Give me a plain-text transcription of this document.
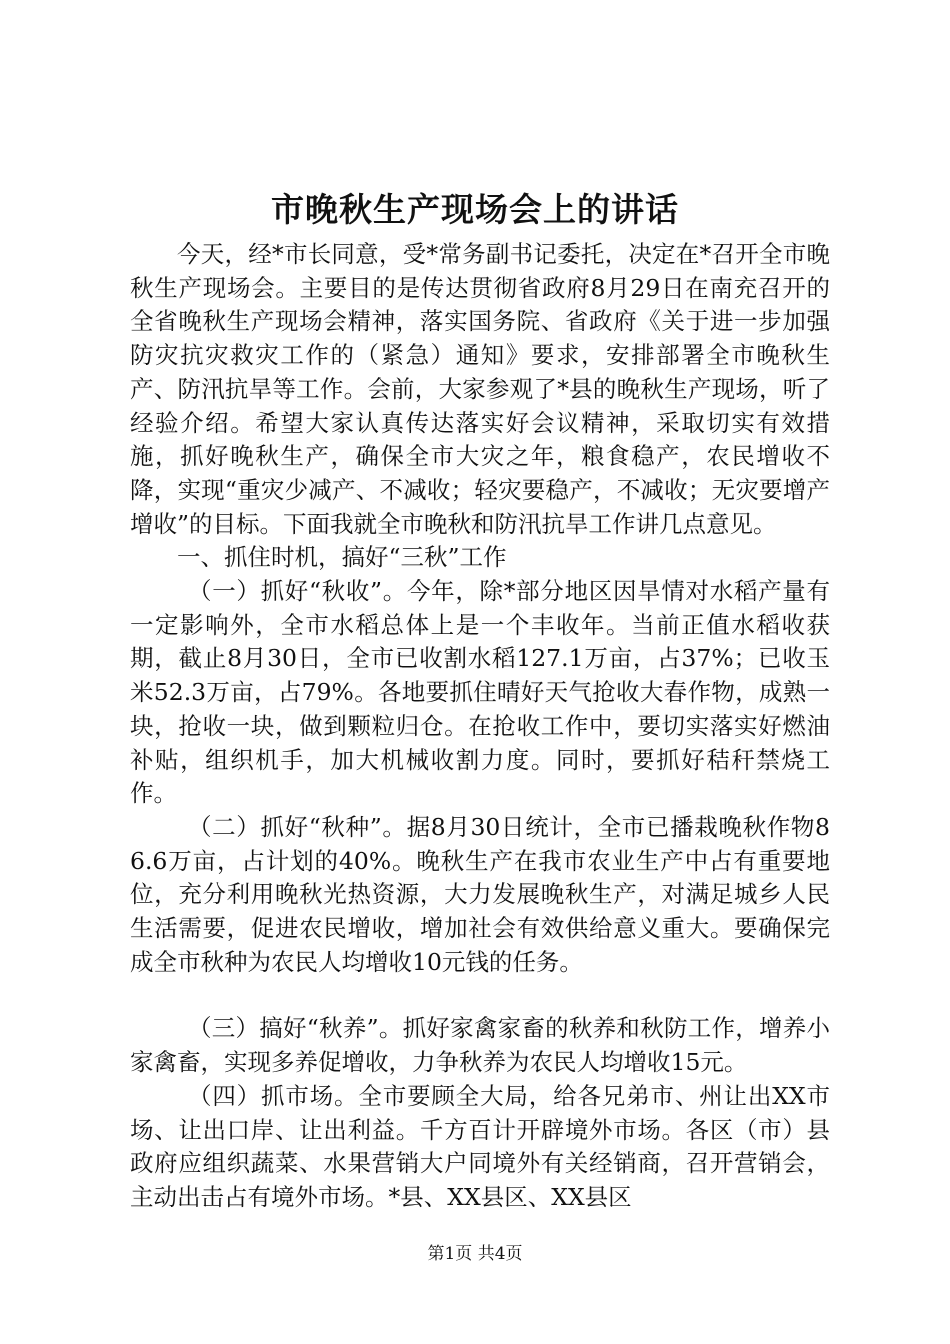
市晚秋生产现场会上的讲话

今天，经*市长同意，受*常务副书记委托，决定在*召开全市晚秋生产现场会。主要目的是传达贯彻省政府8月29日在南充召开的全省晚秋生产现场会精神，落实国务院、省政府《关于进一步加强防灾抗灾救灾工作的（紧急）通知》要求，安排部署全市晚秋生产、防汛抗旱等工作。会前，大家参观了*县的晚秋生产现场，听了经验介绍。希望大家认真传达落实好会议精神，采取切实有效措施，抓好晚秋生产，确保全市大灾之年，粮食稳产，农民增收不降，实现“重灾少减产、不减收；轻灾要稳产，不减收；无灾要增产增收”的目标。下面我就全市晚秋和防汛抗旱工作讲几点意见。

一、抓住时机，搞好“三秋”工作

（一）抓好“秋收”。今年，除*部分地区因旱情对水稻产量有一定影响外，全市水稻总体上是一个丰收年。当前正值水稻收获期，截止8月30日，全市已收割水稻127.1万亩，占37%；已收玉米52.3万亩，占79%。各地要抓住晴好天气抢收大春作物，成熟一块，抢收一块，做到颗粒归仓。在抢收工作中，要切实落实好燃油补贴，组织机手，加大机械收割力度。同时，要抓好秸秆禁烧工作。

（二）抓好“秋种”。据8月30日统计，全市已播栽晚秋作物86.6万亩，占计划的40%。晚秋生产在我市农业生产中占有重要地位，充分利用晚秋光热资源，大力发展晚秋生产，对满足城乡人民生活需要，促进农民增收，增加社会有效供给意义重大。要确保完成全市秋种为农民人均增收10元钱的任务。

（三）搞好“秋养”。抓好家禽家畜的秋养和秋防工作，增养小家禽畜，实现多养促增收，力争秋养为农民人均增收15元。

（四）抓市场。全市要顾全大局，给各兄弟市、州让出XX市场、让出口岸、让出利益。千方百计开辟境外市场。各区（市）县政府应组织蔬菜、水果营销大户同境外有关经销商，召开营销会，主动出击占有境外市场。*县、XX县区、XX县区

第1页 共4页
